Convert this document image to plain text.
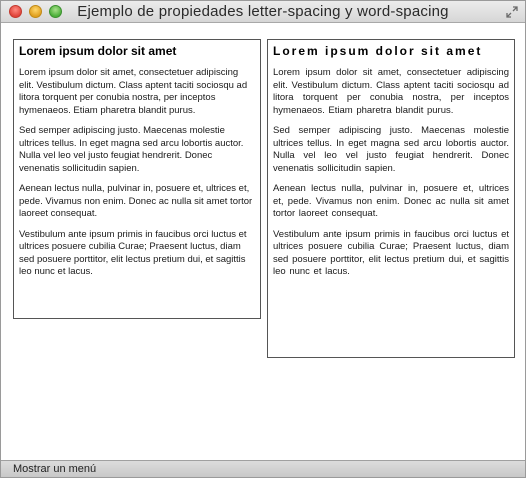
Ejemplo de propiedades letter-spacing y word-spacing
Lorem ipsum dolor sit amet

Lorem ipsum dolor sit amet, consectetuer adipiscing elit. Vestibulum dictum. Class aptent taciti sociosqu ad litora torquent per conubia nostra, per inceptos hymenaeos. Etiam pharetra blandit purus.

Sed semper adipiscing justo. Maecenas molestie ultrices tellus. In eget magna sed arcu lobortis auctor. Nulla vel leo vel justo feugiat hendrerit. Donec venenatis sollicitudin sapien.

Aenean lectus nulla, pulvinar in, posuere et, ultrices et, pede. Vivamus non enim. Donec ac nulla sit amet tortor laoreet consequat.

Vestibulum ante ipsum primis in faucibus orci luctus et ultrices posuere cubilia Curae; Praesent luctus, diam sed posuere porttitor, elit lectus pretium dui, et sagittis leo nunc et lacus.

Lorem ipsum dolor sit amet

Lorem ipsum dolor sit amet, consectetuer adipiscing elit. Vestibulum dictum. Class aptent taciti sociosqu ad litora torquent per conubia nostra, per inceptos hymenaeos. Etiam pharetra blandit purus.

Sed semper adipiscing justo. Maecenas molestie ultrices tellus. In eget magna sed arcu lobortis auctor. Nulla vel leo vel justo feugiat hendrerit. Donec venenatis sollicitudin sapien.

Aenean lectus nulla, pulvinar in, posuere et, ultrices et, pede. Vivamus non enim. Donec ac nulla sit amet tortor laoreet consequat.

Vestibulum ante ipsum primis in faucibus orci luctus et ultrices posuere cubilia Curae; Praesent luctus, diam sed posuere porttitor, elit lectus pretium dui, et sagittis leo nunc et lacus.

Mostrar un menú
